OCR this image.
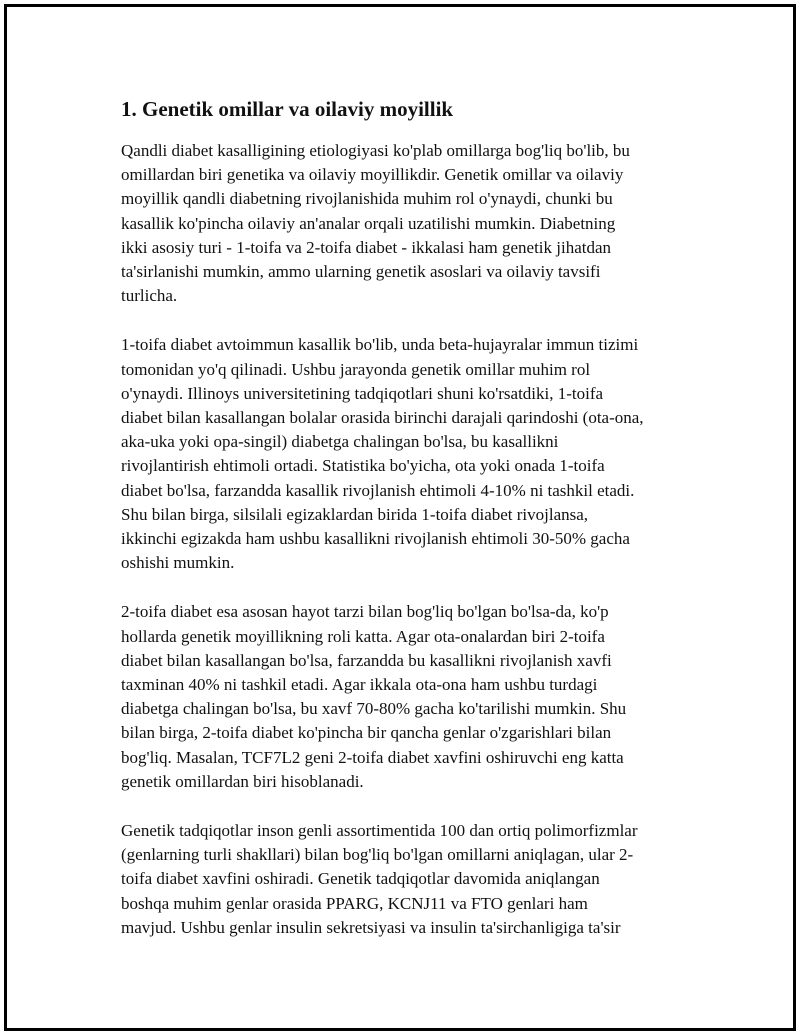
1. Genetik omillar va oilaviy moyillik
Qandli diabet kasalligining etiologiyasi ko'plab omillarga bog'liq bo'lib, bu
omillardan biri genetika va oilaviy moyillikdir. Genetik omillar va oilaviy
moyillik qandli diabetning rivojlanishida muhim rol o'ynaydi, chunki bu
kasallik ko'pincha oilaviy an'analar orqali uzatilishi mumkin. Diabetning
ikki asosiy turi - 1-toifa va 2-toifa diabet - ikkalasi ham genetik jihatdan
ta'sirlanishi mumkin, ammo ularning genetik asoslari va oilaviy tavsifi
turlicha.
1-toifa diabet avtoimmun kasallik bo'lib, unda beta-hujayralar immun tizimi
tomonidan yo'q qilinadi. Ushbu jarayonda genetik omillar muhim rol
o'ynaydi. Illinoys universitetining tadqiqotlari shuni ko'rsatdiki, 1-toifa
diabet bilan kasallangan bolalar orasida birinchi darajali qarindoshi (ota-ona,
aka-uka yoki opa-singil) diabetga chalingan bo'lsa, bu kasallikni
rivojlantirish ehtimoli ortadi. Statistika bo'yicha, ota yoki onada 1-toifa
diabet bo'lsa, farzandda kasallik rivojlanish ehtimoli 4-10% ni tashkil etadi.
Shu bilan birga, silsilali egizaklardan birida 1-toifa diabet rivojlansa,
ikkinchi egizakda ham ushbu kasallikni rivojlanish ehtimoli 30-50% gacha
oshishi mumkin.
2-toifa diabet esa asosan hayot tarzi bilan bog'liq bo'lgan bo'lsa-da, ko'p
hollarda genetik moyillikning roli katta. Agar ota-onalardan biri 2-toifa
diabet bilan kasallangan bo'lsa, farzandda bu kasallikni rivojlanish xavfi
taxminan 40% ni tashkil etadi. Agar ikkala ota-ona ham ushbu turdagi
diabetga chalingan bo'lsa, bu xavf 70-80% gacha ko'tarilishi mumkin. Shu
bilan birga, 2-toifa diabet ko'pincha bir qancha genlar o'zgarishlari bilan
bog'liq. Masalan, TCF7L2 geni 2-toifa diabet xavfini oshiruvchi eng katta
genetik omillardan biri hisoblanadi.
Genetik tadqiqotlar inson genli assortimentida 100 dan ortiq polimorfizmlar
(genlarning turli shakllari) bilan bog'liq bo'lgan omillarni aniqlagan, ular 2-
toifa diabet xavfini oshiradi. Genetik tadqiqotlar davomida aniqlangan
boshqa muhim genlar orasida PPARG, KCNJ11 va FTO genlari ham
mavjud. Ushbu genlar insulin sekretsiyasi va insulin ta'sirchanligiga ta'sir
